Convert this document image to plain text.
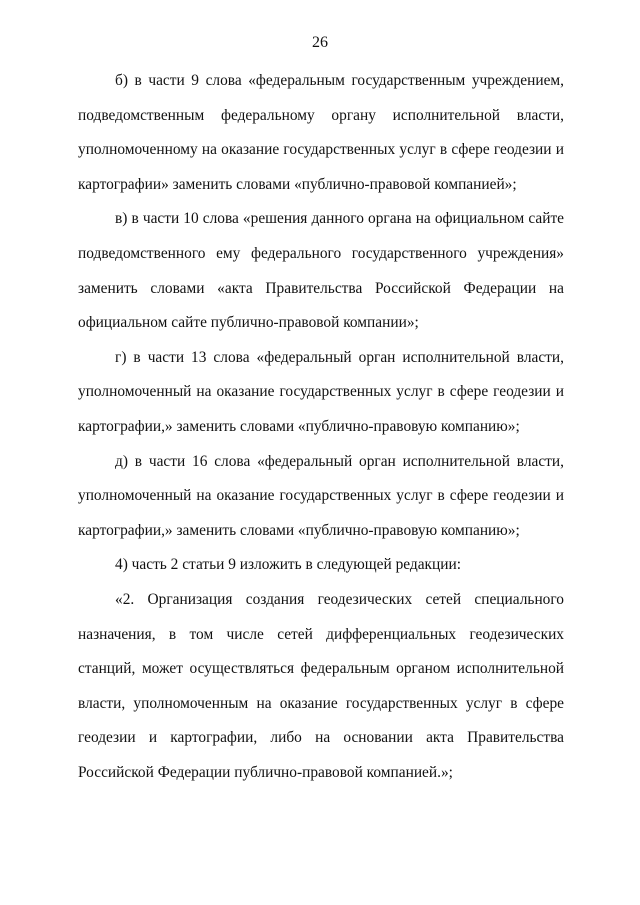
26

б) в части 9 слова «федеральным государственным учреждением, подведомственным федеральному органу исполнительной власти, уполномоченному на оказание государственных услуг в сфере геодезии и картографии» заменить словами «публично-правовой компанией»;

в) в части 10 слова «решения данного органа на официальном сайте подведомственного ему федерального государственного учреждения» заменить словами «акта Правительства Российской Федерации на официальном сайте публично-правовой компании»;

г) в части 13 слова «федеральный орган исполнительной власти, уполномоченный на оказание государственных услуг в сфере геодезии и картографии,» заменить словами «публично-правовую компанию»;

д) в части 16 слова «федеральный орган исполнительной власти, уполномоченный на оказание государственных услуг в сфере геодезии и картографии,» заменить словами «публично-правовую компанию»;

4) часть 2 статьи 9 изложить в следующей редакции:

«2. Организация создания геодезических сетей специального назначения, в том числе сетей дифференциальных геодезических станций, может осуществляться федеральным органом исполнительной власти, уполномоченным на оказание государственных услуг в сфере геодезии и картографии, либо на основании акта Правительства Российской Федерации публично-правовой компанией.»;
